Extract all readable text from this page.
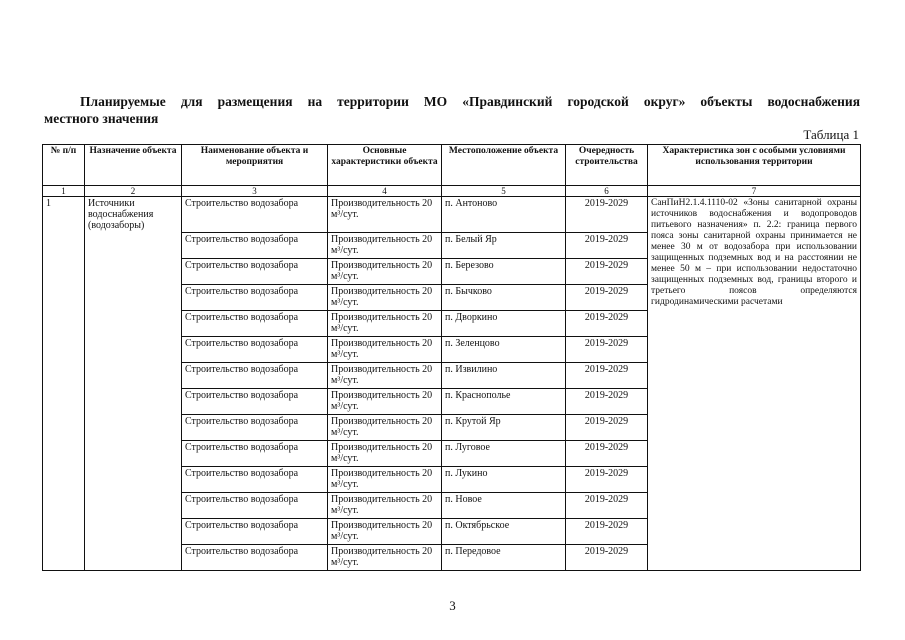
Планируемые для размещения на территории МО «Правдинский городской округ» объекты водоснабжения
местного значения
Таблица 1
№ п/п	Назначение объекта	Наименование объекта и мероприятия	Основные характеристики объекта	Местоположение объекта	Очередность строительства	Характеристика зон с особыми условиями использования территории
1	2	3	4	5	6	7
1	Источники водоснабжения (водозаборы)	Строительство водозабора	Производительность 20 м³/сут.	п. Антоново	2019-2029	СанПиН2.1.4.1110-02 «Зоны санитарной охраны источников водоснабжения и водопроводов питьевого назначения» п. 2.2: граница первого пояса зоны санитарной охраны принимается не менее 30 м от водозабора при использовании защищенных подземных вод и на расстоянии не менее 50 м – при использовании недостаточно защищенных подземных вод, границы второго и третьего поясов определяются гидродинамическими расчетами
		Строительство водозабора	Производительность 20 м³/сут.	п. Белый Яр	2019-2029	
		Строительство водозабора	Производительность 20 м³/сут.	п. Березово	2019-2029	
		Строительство водозабора	Производительность 20 м³/сут.	п. Бычково	2019-2029	
		Строительство водозабора	Производительность 20 м³/сут.	п. Дворкино	2019-2029	
		Строительство водозабора	Производительность 20 м³/сут.	п. Зеленцово	2019-2029	
		Строительство водозабора	Производительность 20 м³/сут.	п. Извилино	2019-2029	
		Строительство водозабора	Производительность 20 м³/сут.	п. Краснополье	2019-2029	
		Строительство водозабора	Производительность 20 м³/сут.	п. Крутой Яр	2019-2029	
		Строительство водозабора	Производительность 20 м³/сут.	п. Луговое	2019-2029	
		Строительство водозабора	Производительность 20 м³/сут.	п. Лукино	2019-2029	
		Строительство водозабора	Производительность 20 м³/сут.	п. Новое	2019-2029	
		Строительство водозабора	Производительность 20 м³/сут.	п. Октябрьское	2019-2029	
		Строительство водозабора	Производительность 20 м³/сут.	п. Передовое	2019-2029	
3
